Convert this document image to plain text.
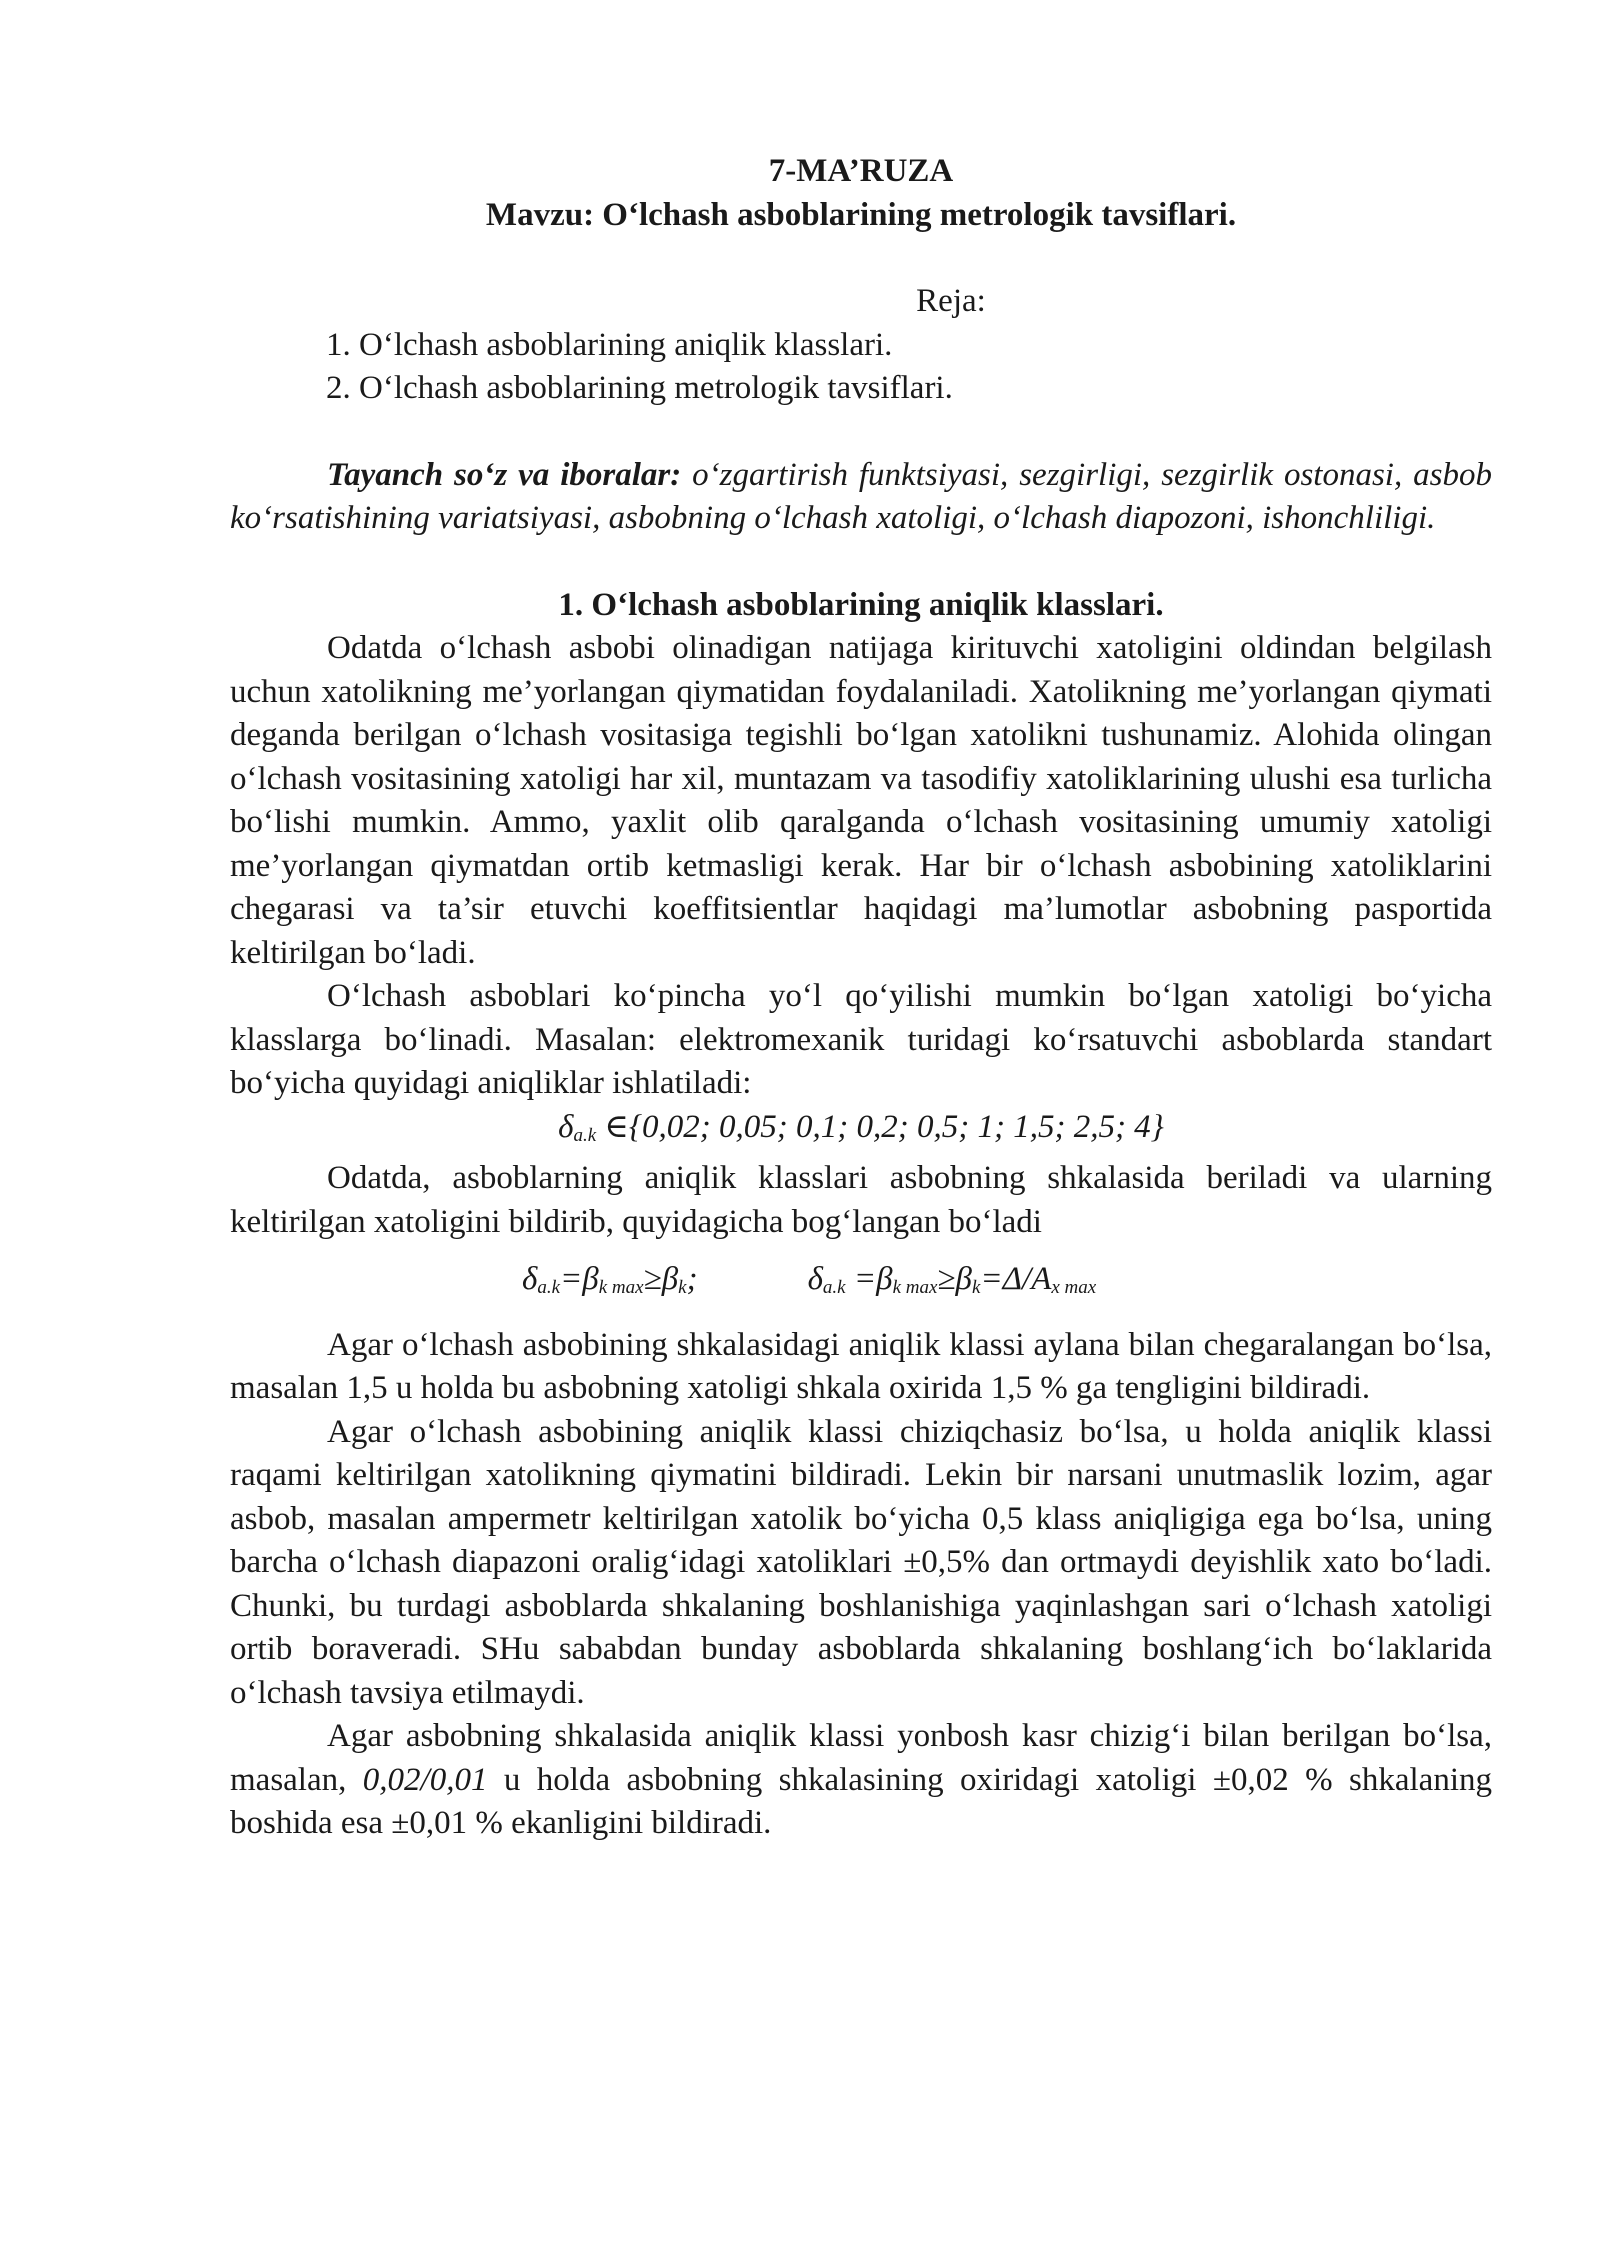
7-MA’RUZA

Mavzu: O‘lchash asboblarining metrologik tavsiflari.

Reja:

1. O‘lchash asboblarining aniqlik klasslari.
2. O‘lchash asboblarining metrologik tavsiflari.

Tayanch so‘z va iboralar: o‘zgartirish funktsiyasi, sezgirligi, sezgirlik ostonasi, asbob ko‘rsatishining variatsiyasi, asbobning o‘lchash xatoligi, o‘lchash diapozoni, ishonchliligi.

1. O‘lchash asboblarining aniqlik klasslari.

Odatda o‘lchash asbobi olinadigan natijaga kirituvchi xatoligini oldindan belgilash uchun xatolikning me’yorlangan qiymatidan foydalaniladi. Xatolikning me’yorlangan qiymati deganda berilgan o‘lchash vositasiga tegishli bo‘lgan xatolikni tushunamiz. Alohida olingan o‘lchash vositasining xatoligi har xil, muntazam va tasodifiy xatoliklarining ulushi esa turlicha bo‘lishi mumkin. Ammo, yaxlit olib qaralganda o‘lchash vositasining umumiy xatoligi me’yorlangan qiymatdan ortib ketmasligi kerak. Har bir o‘lchash asbobining xatoliklarini chegarasi va ta’sir etuvchi koeffitsientlar haqidagi ma’lumotlar asbobning pasportida keltirilgan bo‘ladi.

O‘lchash asboblari ko‘pincha yo‘l qo‘yilishi mumkin bo‘lgan xatoligi bo‘yicha klasslarga bo‘linadi. Masalan: elektromexanik turidagi ko‘rsatuvchi asboblarda standart bo‘yicha quyidagi aniqliklar ishlatiladi:

$\delta_{a.k}$ ∈{0,02; 0,05; 0,1; 0,2; 0,5; 1; 1,5; 2,5; 4}

Odatda, asboblarning aniqlik klasslari asbobning shkalasida beriladi va ularning keltirilgan xatoligini bildirib, quyidagicha bog‘langan bo‘ladi

$\delta_{a.k}=\beta_{k max}\ge\beta_k$;	$\delta_{a.k} =\beta_{k max}\ge\beta_k=\Delta/A_{x max}$

Agar o‘lchash asbobining shkalasidagi aniqlik klassi aylana bilan chegaralangan bo‘lsa, masalan 1,5 u holda bu asbobning xatoligi shkala oxirida 1,5 % ga tengligini bildiradi.

Agar o‘lchash asbobining aniqlik klassi chiziqchasiz bo‘lsa, u holda aniqlik klassi raqami keltirilgan xatolikning qiymatini bildiradi. Lekin bir narsani unutmaslik lozim, agar asbob, masalan ampermetr keltirilgan xatolik bo‘yicha 0,5 klass aniqligiga ega bo‘lsa, uning barcha o‘lchash diapazoni oralig‘idagi xatoliklari ±0,5% dan ortmaydi deyishlik xato bo‘ladi. Chunki, bu turdagi asboblarda shkalaning boshlanishiga yaqinlashgan sari o‘lchash xatoligi ortib boraveradi. SHu sababdan bunday asboblarda shkalaning boshlang‘ich bo‘laklarida o‘lchash tavsiya etilmaydi.

Agar asbobning shkalasida aniqlik klassi yonbosh kasr chizig‘i bilan berilgan bo‘lsa, masalan, 0,02/0,01 u holda asbobning shkalasining oxiridagi xatoligi ±0,02 % shkalaning boshida esa ±0,01 % ekanligini bildiradi.
